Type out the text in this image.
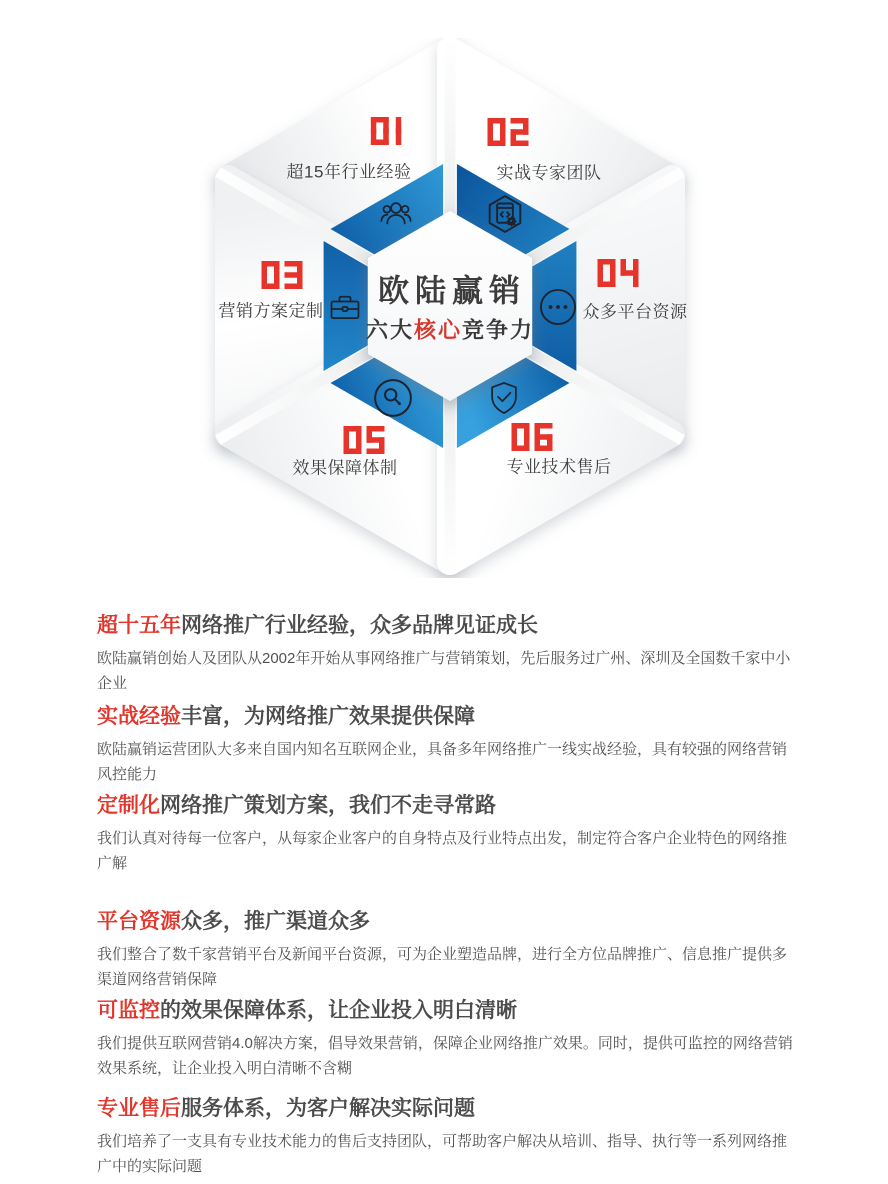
超15年行业经验	实战专家团队
营销方案定制	众多平台资源
效果保障体制	专业技术售后
欧陆赢销
六大核心竞争力
超十五年网络推广行业经验，众多品牌见证成长

欧陆赢销创始人及团队从2002年开始从事网络推广与营销策划，先后服务过广州、深圳及全国数千家中小企业

实战经验丰富，为网络推广效果提供保障

欧陆赢销运营团队大多来自国内知名互联网企业，具备多年网络推广一线实战经验，具有较强的网络营销风控能力

定制化网络推广策划方案，我们不走寻常路

我们认真对待每一位客户，从每家企业客户的自身特点及行业特点出发，制定符合客户企业特色的网络推广解

平台资源众多，推广渠道众多

我们整合了数千家营销平台及新闻平台资源，可为企业塑造品牌，进行全方位品牌推广、信息推广提供多渠道网络营销保障

可监控的效果保障体系，让企业投入明白清晰

我们提供互联网营销4.0解决方案，倡导效果营销，保障企业网络推广效果。同时，提供可监控的网络营销效果系统，让企业投入明白清晰不含糊

专业售后服务体系，为客户解决实际问题

我们培养了一支具有专业技术能力的售后支持团队，可帮助客户解决从培训、指导、执行等一系列网络推广中的实际问题
